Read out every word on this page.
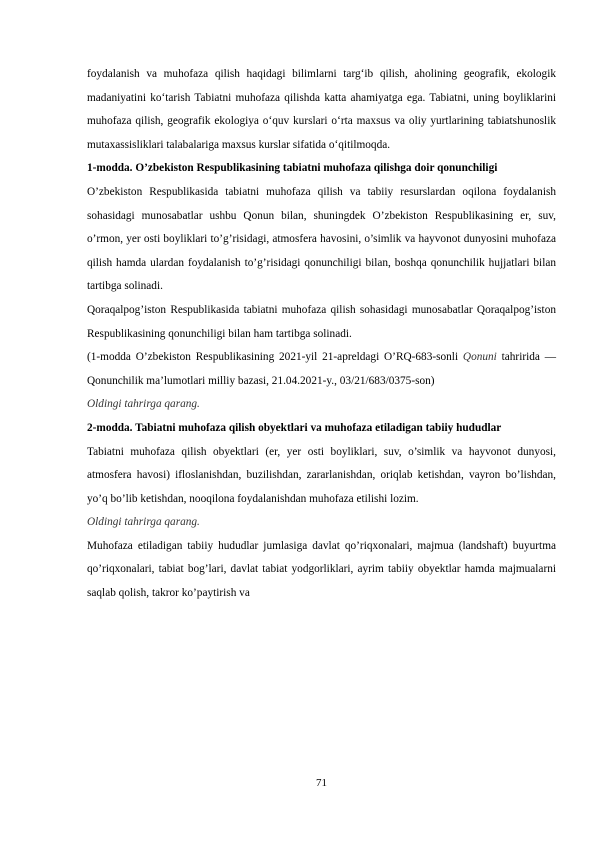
foydalanish va muhofaza qilish haqidagi bilimlarni targ‘ib qilish, aholining geografik, ekologik madaniyatini ko‘tarish Tabiatni muhofaza qilishda katta ahamiyatga ega. Tabiatni, uning boyliklarini muhofaza qilish, geografik ekologiya o‘quv kurslari o‘rta maxsus va oliy yurtlarining tabiatshunoslik mutaxassisliklari talabalariga maxsus kurslar sifatida o‘qitilmoqda.

1-modda. O’zbekiston Respublikasining tabiatni muhofaza qilishga doir qonunchiligi

O’zbekiston Respublikasida tabiatni muhofaza qilish va tabiiy resurslardan oqilona foydalanish sohasidagi munosabatlar ushbu Qonun bilan, shuningdek O’zbekiston Respublikasining er, suv, o’rmon, yer osti boyliklari to’g’risidagi, atmosfera havosini, o’simlik va hayvonot dunyosini muhofaza qilish hamda ulardan foydalanish to’g’risidagi qonunchiligi bilan, boshqa qonunchilik hujjatlari bilan tartibga solinadi.

Qoraqalpog’iston Respublikasida tabiatni muhofaza qilish sohasidagi munosabatlar Qoraqalpog’iston Respublikasining qonunchiligi bilan ham tartibga solinadi.

(1-modda O’zbekiston Respublikasining 2021-yil 21-apreldagi O’RQ-683-sonli Qonuni tahririda — Qonunchilik ma’lumotlari milliy bazasi, 21.04.2021-y., 03/21/683/0375-son)

Oldingi tahrirga qarang.

2-modda. Tabiatni muhofaza qilish obyektlari va muhofaza etiladigan tabiiy hududlar

Tabiatni muhofaza qilish obyektlari (er, yer osti boyliklari, suv, o’simlik va hayvonot dunyosi, atmosfera havosi) ifloslanishdan, buzilishdan, zararlanishdan, oriqlab ketishdan, vayron bo’lishdan, yo’q bo’lib ketishdan, nooqilona foydalanishdan muhofaza etilishi lozim.

Oldingi tahrirga qarang.

Muhofaza etiladigan tabiiy hududlar jumlasiga davlat qo’riqxonalari, majmua (landshaft) buyurtma qo’riqxonalari, tabiat bog’lari, davlat tabiat yodgorliklari, ayrim tabiiy obyektlar hamda majmualarni saqlab qolish, takror ko’paytirish va

71
